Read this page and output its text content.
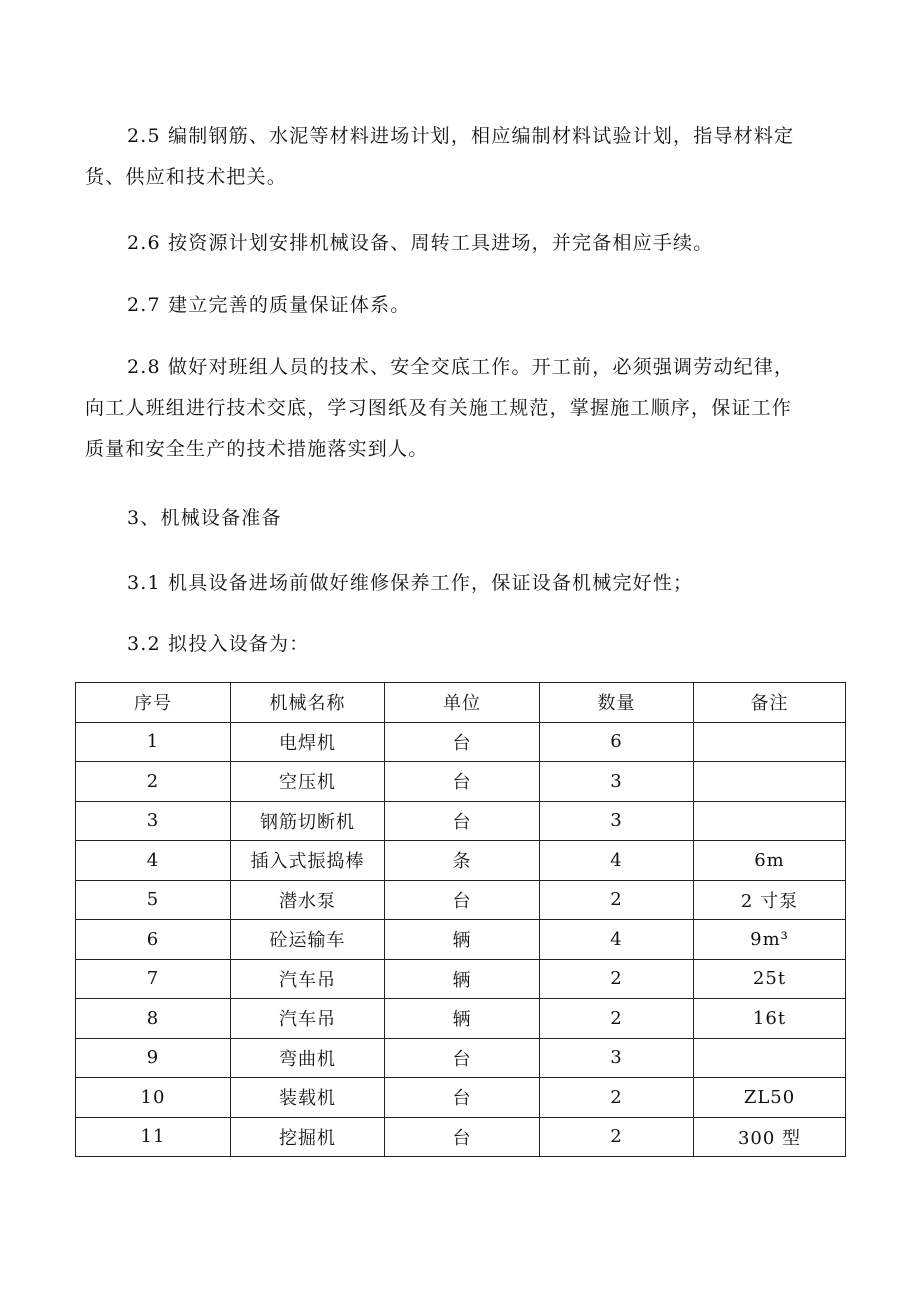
2.5 编制钢筋、水泥等材料进场计划，相应编制材料试验计划，指导材料定
货、供应和技术把关。

2.6 按资源计划安排机械设备、周转工具进场，并完备相应手续。

2.7 建立完善的质量保证体系。

2.8 做好对班组人员的技术、安全交底工作。开工前，必须强调劳动纪律，
向工人班组进行技术交底，学习图纸及有关施工规范，掌握施工顺序，保证工作
质量和安全生产的技术措施落实到人。

3、机械设备准备

3.1 机具设备进场前做好维修保养工作，保证设备机械完好性；

3.2 拟投入设备为：

序号	机械名称	单位	数量	备注
1	电焊机	台	6	
2	空压机	台	3	
3	钢筋切断机	台	3	
4	插入式振捣棒	条	4	6m
5	潜水泵	台	2	2 寸泵
6	砼运输车	辆	4	9m³
7	汽车吊	辆	2	25t
8	汽车吊	辆	2	16t
9	弯曲机	台	3	
10	装载机	台	2	ZL50
11	挖掘机	台	2	300 型
